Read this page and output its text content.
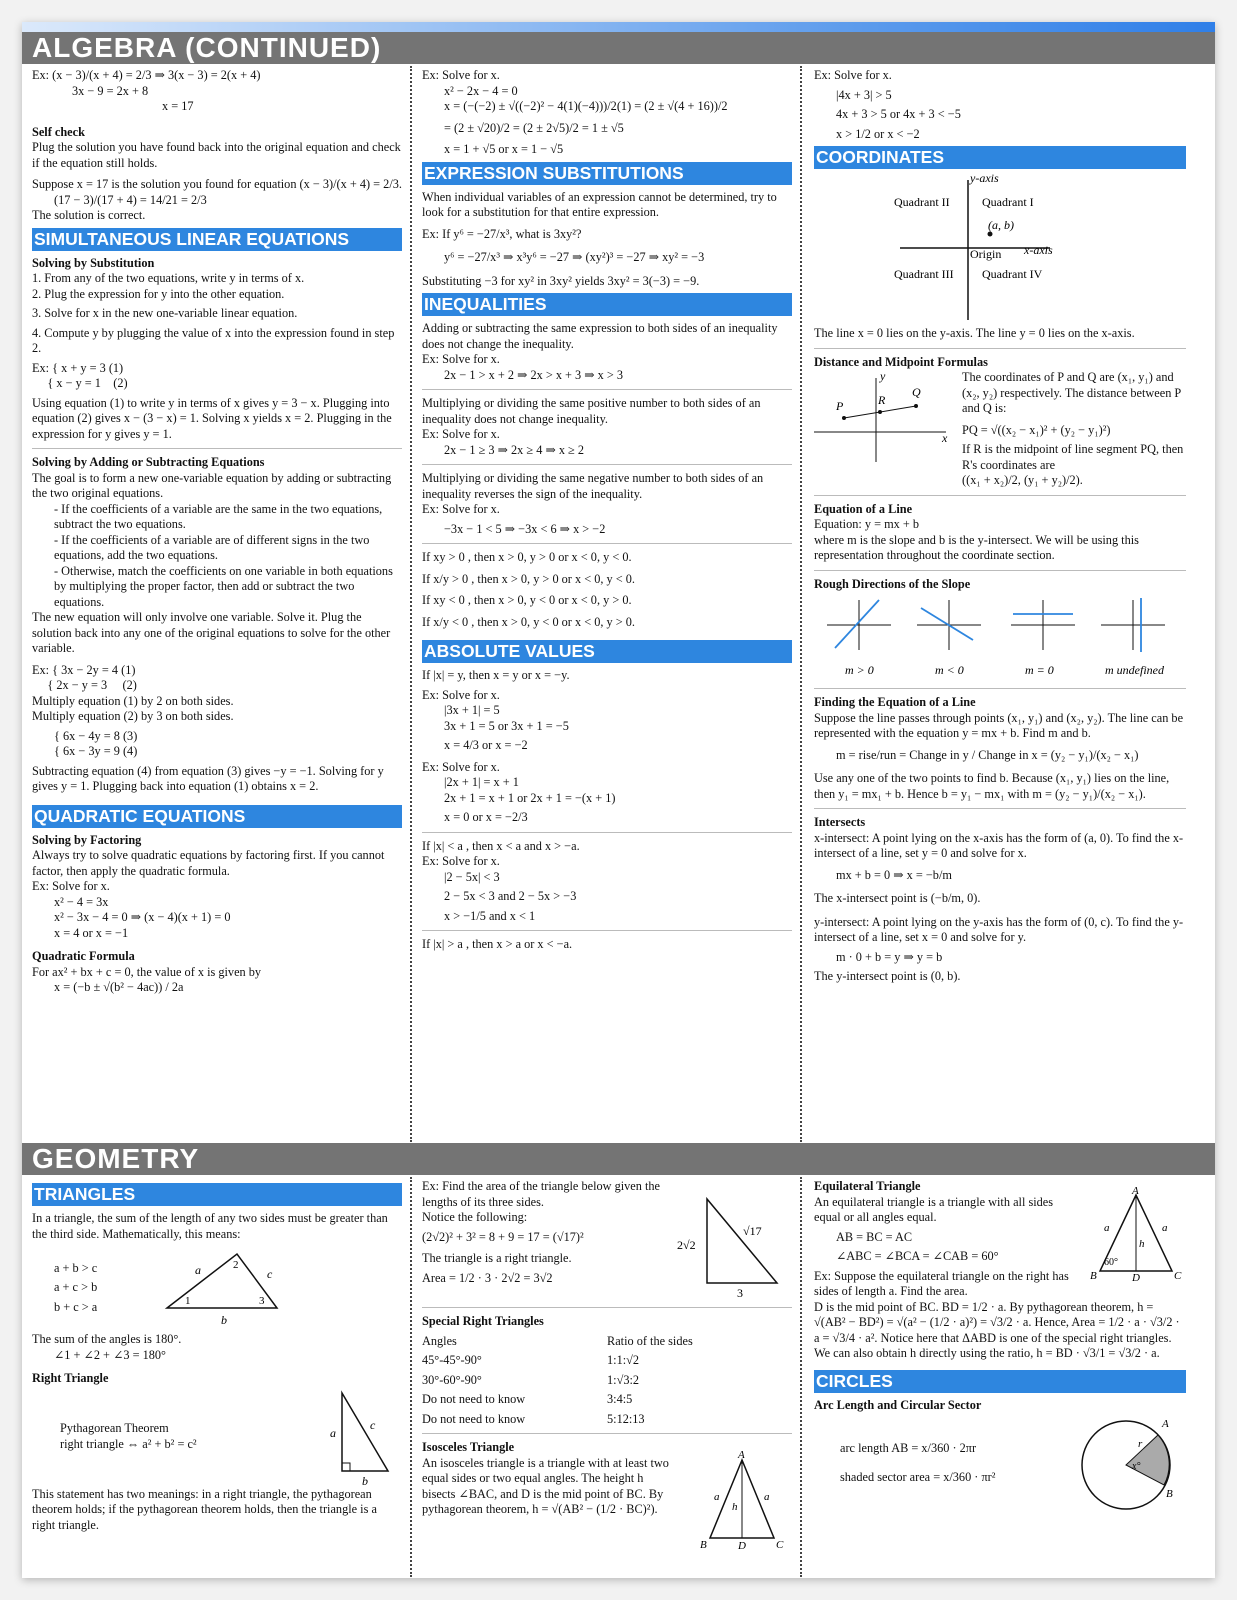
ALGEBRA (CONTINUED)
GEOMETRY
Ex: (x − 3)/(x + 4) = 2/3 ⇒ 3(x − 3) = 2(x + 4)
3x − 9 = 2x + 8
x = 17
Self check
Plug the solution you have found back into the original equation and check if the equation still holds.
Suppose x = 17 is the solution you found for equation (x − 3)/(x + 4) = 2/3.
(17 − 3)/(17 + 4) = 14/21 = 2/3
The solution is correct.
SIMULTANEOUS LINEAR EQUATIONS
Solving by Substitution
1. From any of the two equations, write y in terms of x.
2. Plug the expression for y into the other equation.
3. Solve for x in the new one-variable linear equation.
4. Compute y by plugging the value of x into the expression found in step 2.
Ex: { x + y = 3 (1)
{ x − y = 1    (2)
Using equation (1) to write y in terms of x gives y = 3 − x. Plugging into equation (2) gives x − (3 − x) = 1. Solving x yields x = 2. Plugging in the expression for y gives y = 1.
Solving by Adding or Subtracting Equations
The goal is to form a new one-variable equation by adding or subtracting the two original equations.
- If the coefficients of a variable are the same in the two equations, subtract the two equations.
- If the coefficients of a variable are of different signs in the two equations, add the two equations.
- Otherwise, match the coefficients on one variable in both equations by multiplying the proper factor, then add or subtract the two equations.
The new equation will only involve one variable. Solve it. Plug the solution back into any one of the original equations to solve for the other variable.
Ex: { 3x − 2y = 4 (1)
{ 2x − y = 3     (2)
Multiply equation (1) by 2 on both sides.
Multiply equation (2) by 3 on both sides.
{ 6x − 4y = 8 (3)
{ 6x − 3y = 9 (4)
Subtracting equation (4) from equation (3) gives −y = −1. Solving for y gives y = 1. Plugging back into equation (1) obtains x = 2.
QUADRATIC EQUATIONS
Solving by Factoring
Always try to solve quadratic equations by factoring first. If you cannot factor, then apply the quadratic formula.
Ex: Solve for x.
x² − 4 = 3x
x² − 3x − 4 = 0 ⇒ (x − 4)(x + 1) = 0
x = 4 or x = −1
Quadratic Formula
For ax² + bx + c = 0, the value of x is given by
x = (−b ± √(b² − 4ac)) / 2a
Ex: Solve for x.
x² − 2x − 4 = 0
x = (−(−2) ± √((−2)² − 4(1)(−4)))/2(1) = (2 ± √(4 + 16))/2
= (2 ± √20)/2 = (2 ± 2√5)/2 = 1 ± √5
x = 1 + √5 or x = 1 − √5
EXPRESSION SUBSTITUTIONS
When individual variables of an expression cannot be determined, try to look for a substitution for that entire expression.
Ex: If y⁶ = −27/x³, what is 3xy²?
y⁶ = −27/x³ ⇒ x³y⁶ = −27 ⇒ (xy²)³ = −27 ⇒ xy² = −3
Substituting −3 for xy² in 3xy² yields 3xy² = 3(−3) = −9.
INEQUALITIES
Adding or subtracting the same expression to both sides of an inequality does not change the inequality.
Ex: Solve for x.
2x − 1 > x + 2 ⇒ 2x > x + 3 ⇒ x > 3
Multiplying or dividing the same positive number to both sides of an inequality does not change inequality.
Ex: Solve for x.
2x − 1 ≥ 3 ⇒ 2x ≥ 4 ⇒ x ≥ 2
Multiplying or dividing the same negative number to both sides of an inequality reverses the sign of the inequality.
Ex: Solve for x.
−3x − 1 < 5 ⇒ −3x < 6 ⇒ x > −2
If xy > 0 , then x > 0, y > 0 or x < 0, y < 0.
If x/y > 0 , then x > 0, y > 0 or x < 0, y < 0.
If xy < 0 , then x > 0, y < 0 or x < 0, y > 0.
If x/y < 0 , then x > 0, y < 0 or x < 0, y > 0.
ABSOLUTE VALUES
If |x| = y, then x = y or x = −y.
Ex: Solve for x.
|3x + 1| = 5
3x + 1 = 5 or 3x + 1 = −5
x = 4/3 or x = −2
Ex: Solve for x.
|2x + 1| = x + 1
2x + 1 = x + 1 or 2x + 1 = −(x + 1)
x = 0 or x = −2/3
If |x| < a , then x < a and x > −a.
Ex: Solve for x.
|2 − 5x| < 3
2 − 5x < 3 and 2 − 5x > −3
x > −1/5 and x < 1
If |x| > a , then x > a or x < −a.
Ex: Solve for x.
|4x + 3| > 5
4x + 3 > 5 or 4x + 3 < −5
x > 1/2 or x < −2
COORDINATES
y-axis
x-axis
Quadrant II	Quadrant I
Quadrant III Quadrant IV
Origin
(a, b)
The line x = 0 lies on the y-axis. The line y = 0 lies on the x-axis.
Distance and Midpoint Formulas
y
x
P
Q
R
The coordinates of P and Q are (x₁, y₁) and (x₂, y₂) respectively. The distance between P and Q is:
PQ = √((x₂ − x₁)² + (y₂ − y₁)²)
If R is the midpoint of line segment PQ, then R's coordinates are
((x₁ + x₂)/2, (y₁ + y₂)/2).
Equation of a Line
Equation: y = mx + b
where m is the slope and b is the y-intersect. We will be using this representation throughout the coordinate section.
Rough Directions of the Slope
m > 0	m < 0	m = 0	m undefined
Finding the Equation of a Line
Suppose the line passes through points (x₁, y₁) and (x₂, y₂). The line can be represented with the equation y = mx + b. Find m and b.
m = rise/run = Change in y / Change in x = (y₂ − y₁)/(x₂ − x₁)
Use any one of the two points to find b. Because (x₁, y₁) lies on the line, then y₁ = mx₁ + b. Hence b = y₁ − mx₁ with m = (y₂ − y₁)/(x₂ − x₁).
Intersects
x-intersect: A point lying on the x-axis has the form of (a, 0). To find the x-intersect of a line, set y = 0 and solve for x.
mx + b = 0 ⇒ x = −b/m
The x-intersect point is (−b/m, 0).
y-intersect: A point lying on the y-axis has the form of (0, c). To find the y-intersect of a line, set x = 0 and solve for y.
m · 0 + b = y ⇒ y = b
The y-intersect point is (0, b).
TRIANGLES
In a triangle, the sum of the length of any two sides must be greater than the third side. Mathematically, this means:
a + b > c
a + c > b
b + c > a
a	c
b
1
2
3
The sum of the angles is 180°.
∠1 + ∠2 + ∠3 = 180°
Right Triangle
Pythagorean Theorem
right triangle ⇔ a² + b² = c²
a
c
b
This statement has two meanings: in a right triangle, the pythagorean theorem holds; if the pythagorean theorem holds, then the triangle is a right triangle.
Ex: Find the area of the triangle below given the lengths of its three sides.
Notice the following:
(2√2)² + 3² = 8 + 9 = 17 = (√17)²
The triangle is a right triangle.
Area = 1/2 · 3 · 2√2 = 3√2
√17
2√2
3
Special Right Triangles
Angles	Ratio of the sides
45°-45°-90°	1:1:√2
30°-60°-90°	1:√3:2
Do not need to know	3:4:5
Do not need to know	5:12:13
Isosceles Triangle
An isosceles triangle is a triangle with at least two equal sides or two equal angles. The height h bisects ∠BAC, and D is the mid point of BC. By pythagorean theorem, h = √(AB² − (1/2 · BC)²).
A
B	C
D
a	a
h
Equilateral Triangle
An equilateral triangle is a triangle with all sides equal or all angles equal.
AB = BC = AC
∠ABC = ∠BCA = ∠CAB = 60°
Ex: Suppose the equilateral triangle on the right has sides of length a. Find the area.
A
B	C
D
a	a
h
60°
D is the mid point of BC. BD = 1/2 · a. By pythagorean theorem, h = √(AB² − BD²) = √(a² − (1/2 · a)²) = √3/2 · a. Hence, Area = 1/2 · a · √3/2 · a = √3/4 · a². Notice here that ΔABD is one of the special right triangles. We can also obtain h directly using the ratio, h = BD · √3/1 = √3/2 · a.
CIRCLES
Arc Length and Circular Sector
arc length AB = x/360 · 2πr
shaded sector area = x/360 · πr²
A
B
r
x°
